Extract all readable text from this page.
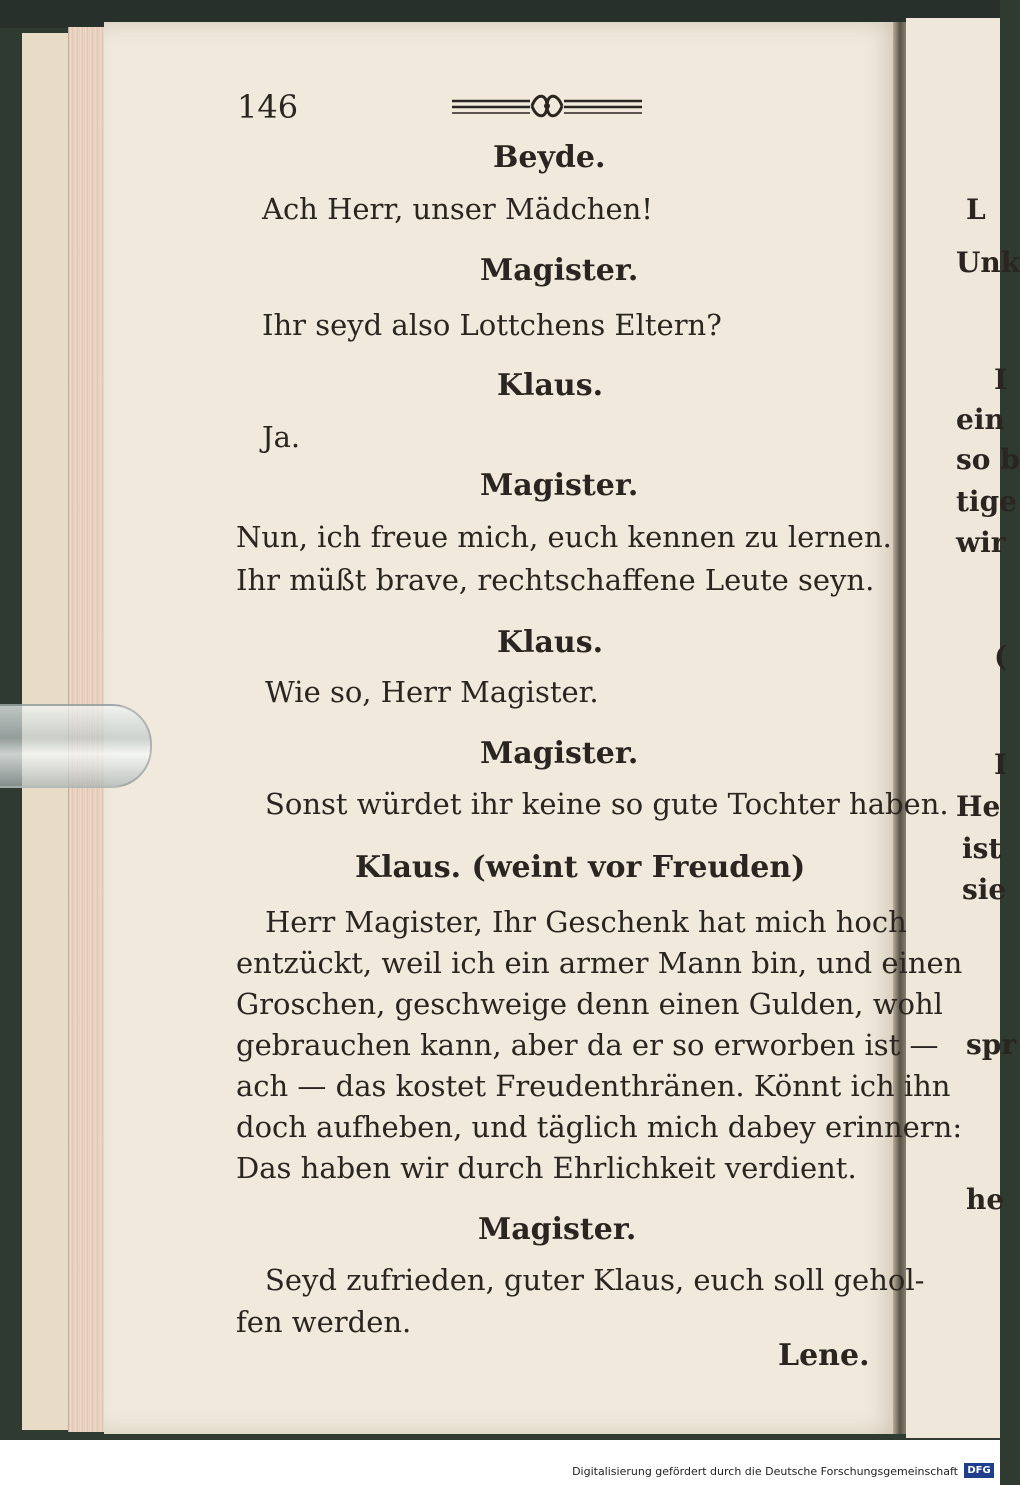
L
Unk
I
ein
so b
tige
wir
(
I
He
ist
sie
spr
he
146
Beyde.
Ach Herr, unser Mädchen!
Magister.
Ihr seyd also Lottchens Eltern?
Klaus.
Ja.
Magister.
Nun, ich freue mich, euch kennen zu lernen.
Ihr müßt brave, rechtschaffene Leute seyn.
Klaus.
Wie so, Herr Magister.
Magister.
Sonst würdet ihr keine so gute Tochter haben.
Klaus. (weint vor Freuden)
Herr Magister, Ihr Geschenk hat mich hoch
entzückt, weil ich ein armer Mann bin, und einen
Groschen, geschweige denn einen Gulden, wohl
gebrauchen kann, aber da er so erworben ist —
ach — das kostet Freudenthränen. Könnt ich ihn
doch aufheben, und täglich mich dabey erinnern:
Das haben wir durch Ehrlichkeit verdient.
Magister.
Seyd zufrieden, guter Klaus, euch soll gehol-
fen werden.
Lene.
Digitalisierung gefördert durch die Deutsche Forschungsgemeinschaft DFG
